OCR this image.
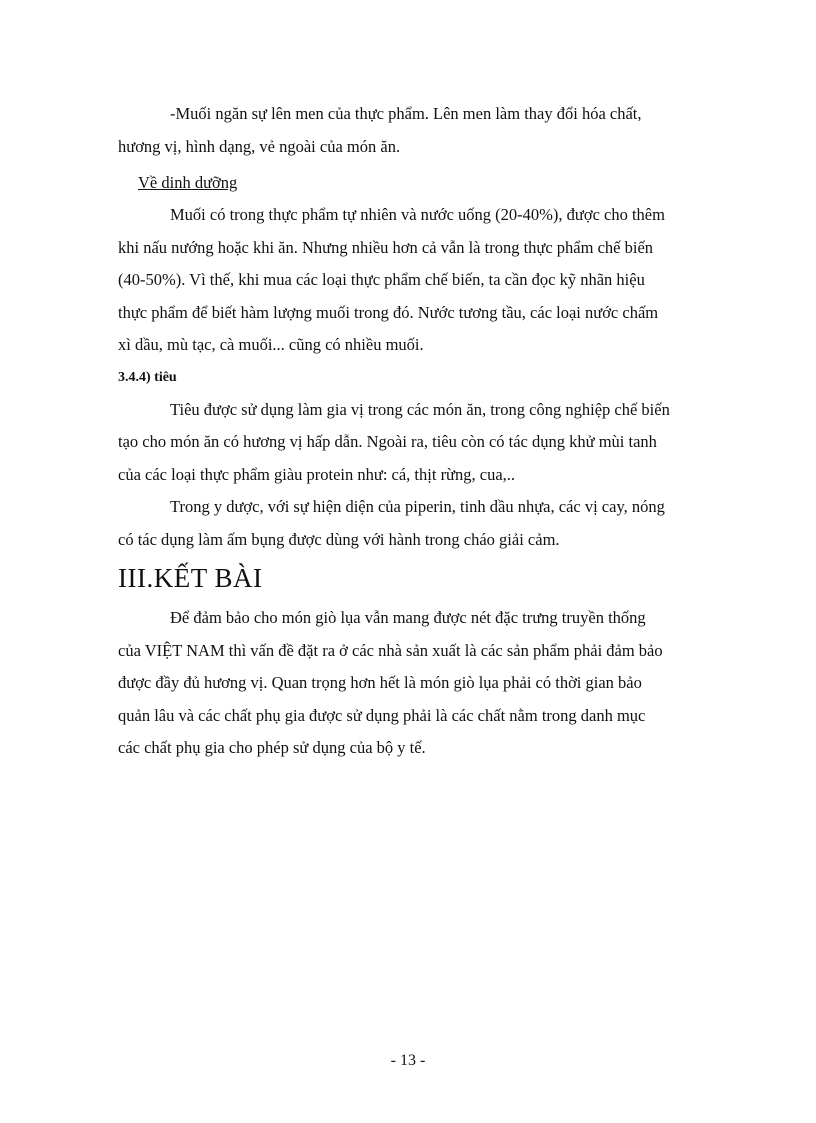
-Muối ngăn sự lên men của thực phẩm. Lên men làm thay đổi hóa chất,
hương vị, hình dạng, vẻ ngoài của món ăn.

Về dinh dưỡng

Muối có trong thực phẩm tự nhiên và nước uống (20-40%), được cho thêm
khi nấu nướng hoặc khi ăn. Nhưng nhiều hơn cả vẫn là trong thực phẩm chế biến
(40-50%). Vì thế, khi mua các loại thực phẩm chế biến, ta cần đọc kỹ nhãn hiệu
thực phẩm để biết hàm lượng muối trong đó. Nước tương tầu, các loại nước chấm
xì dầu, mù tạc, cà muối... cũng có nhiều muối.

3.4.4) tiêu

Tiêu được sử dụng làm gia vị trong các món ăn, trong công nghiệp chế biến
tạo cho món ăn có hương vị hấp dẫn. Ngoài ra, tiêu còn có tác dụng khử mùi tanh
của các loại thực phẩm giàu protein như: cá, thịt rừng, cua,..

Trong y dược, với sự hiện diện của piperin, tinh dầu nhựa, các vị cay, nóng
có tác dụng làm ấm bụng được dùng với hành trong cháo giải cảm.

III.KẾT BÀI

Để đảm bảo cho món giò lụa vẫn mang được nét đặc trưng truyền thống
của VIỆT NAM thì vấn đề đặt ra ở các nhà sản xuất là các sản phẩm phải đảm bảo
được đầy đủ hương vị. Quan trọng hơn hết là món giò lụa phải có thời gian bảo
quản lâu và các chất phụ gia được sử dụng phải là các chất nằm trong danh mục
các chất phụ gia cho phép sử dụng của bộ y tế.

- 13 -
